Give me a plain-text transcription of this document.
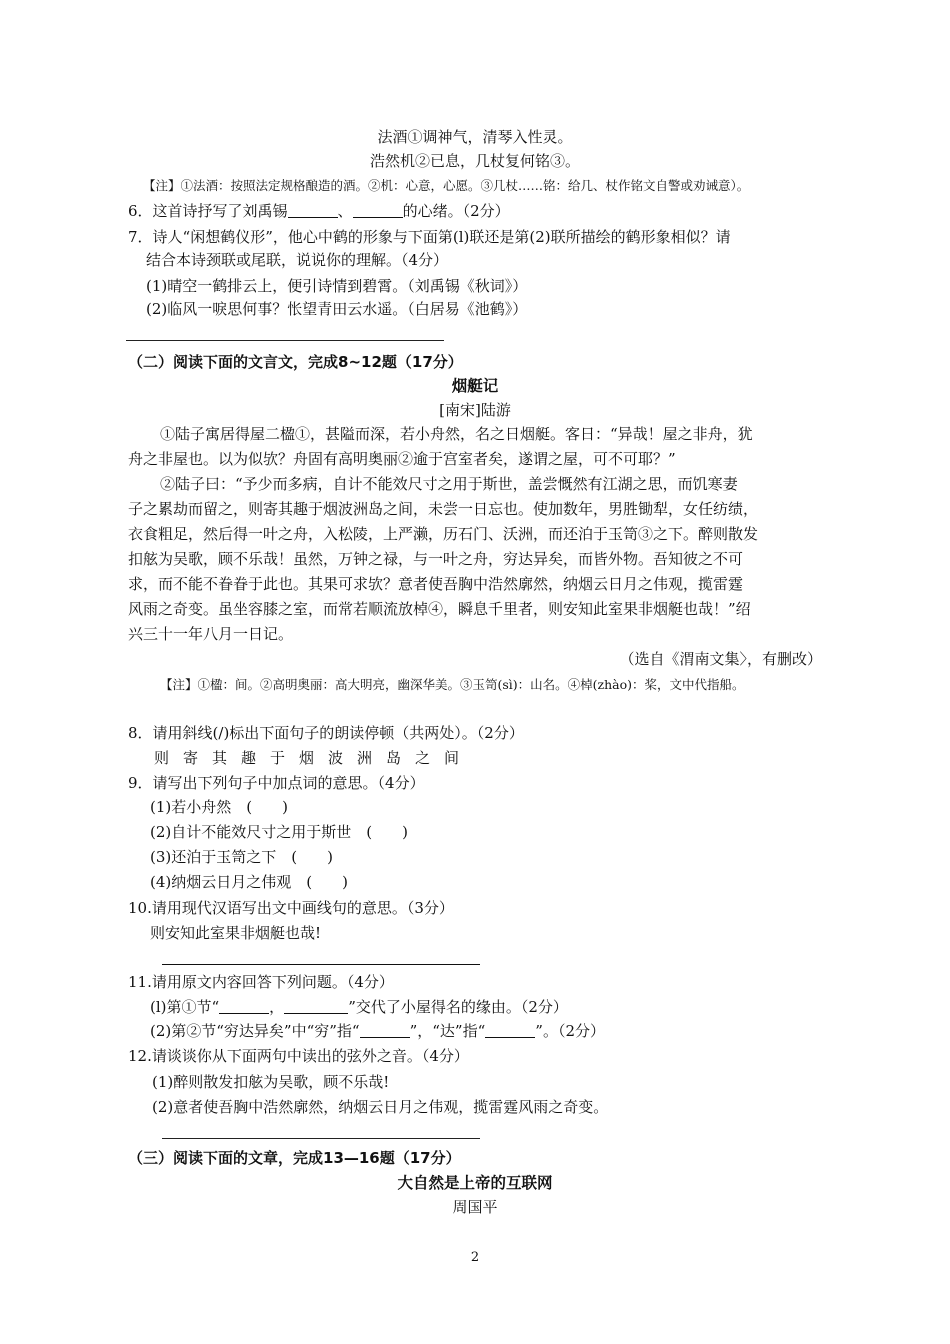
法酒①调神气，清琴入性灵。
浩然机②已息，几杖复何铭③。
【注】①法酒：按照法定规格酿造的酒。②机：心意，心愿。③几杖……铭：给几、杖作铭文自警或劝诫意）。
6．这首诗抒写了刘禹锡	、	的心绪。（2分）
7．诗人“闲想鹤仪形”，他心中鹤的形象与下面第(l)联还是第(2)联所描绘的鹤形象相似？请
结合本诗颈联或尾联，说说你的理解。（4分）
(1)晴空一鹤排云上，便引诗情到碧霄。（刘禹锡《秋词》）
(2)临风一唳思何事？怅望青田云水遥。（白居易《池鹤》）
（二）阅读下面的文言文，完成8~12题（17分）
烟艇记
[南宋]陆游
①陆子寓居得屋二楹①，甚隘而深，若小舟然，名之日烟艇。客日：“异哉！屋之非舟，犹
舟之非屋也。以为似欤？舟固有高明奥丽②逾于宫室者矣，遂谓之屋，可不可耶？”
②陆子曰：“予少而多病，自计不能效尺寸之用于斯世，盖尝慨然有江湖之思，而饥寒妻
子之累劫而留之，则寄其趣于烟波洲岛之间，未尝一日忘也。使加数年，男胜锄犁，女任纺绩，
衣食粗足，然后得一叶之舟，入松陵，上严濑，历石门、沃洲，而还泊于玉笥③之下。醉则散发
扣舷为吴歌，顾不乐哉！虽然，万钟之禄，与一叶之舟，穷达异矣，而皆外物。吾知彼之不可
求，而不能不眷眷于此也。其果可求欤？意者使吾胸中浩然廓然，纳烟云日月之伟观，揽雷霆
风雨之奇变。虽坐容膝之室，而常若顺流放棹④，瞬息千里者，则安知此室果非烟艇也哉！”绍
兴三十一年八月一日记。
（选自《渭南文集〉，有删改）
【注】①楹：间。②高明奥丽：高大明亮，幽深华美。③玉笥(sì)：山名。④棹(zhào)：桨，文中代指船。
8．请用斜线(/)标出下面句子的朗读停顿（共两处）。（2分）
则寄其趣于烟波洲岛之间
9．请写出下列句子中加点词的意思。（4分）
(1)若小舟然　(　　)
(2)自计不能效尺寸之用于斯世　(　　)
(3)还泊于玉笥之下　(　　)
(4)纳烟云日月之伟观　(　　)
10.请用现代汉语写出文中画线句的意思。（3分）
则安知此室果非烟艇也哉!
11.请用原文内容回答下列问题。（4分）
(l)第①节“	，	”交代了小屋得名的缘由。（2分）
(2)第②节“穷达异矣”中“穷”指“	”，“达”指“	”。（2分）
12.请谈谈你从下面两句中读出的弦外之音。（4分）
(1)醉则散发扣舷为吴歌，顾不乐哉!
(2)意者使吾胸中浩然廓然，纳烟云日月之伟观，揽雷霆风雨之奇变。
（三）阅读下面的文章，完成13—16题（17分）
大自然是上帝的互联网
周国平
2
